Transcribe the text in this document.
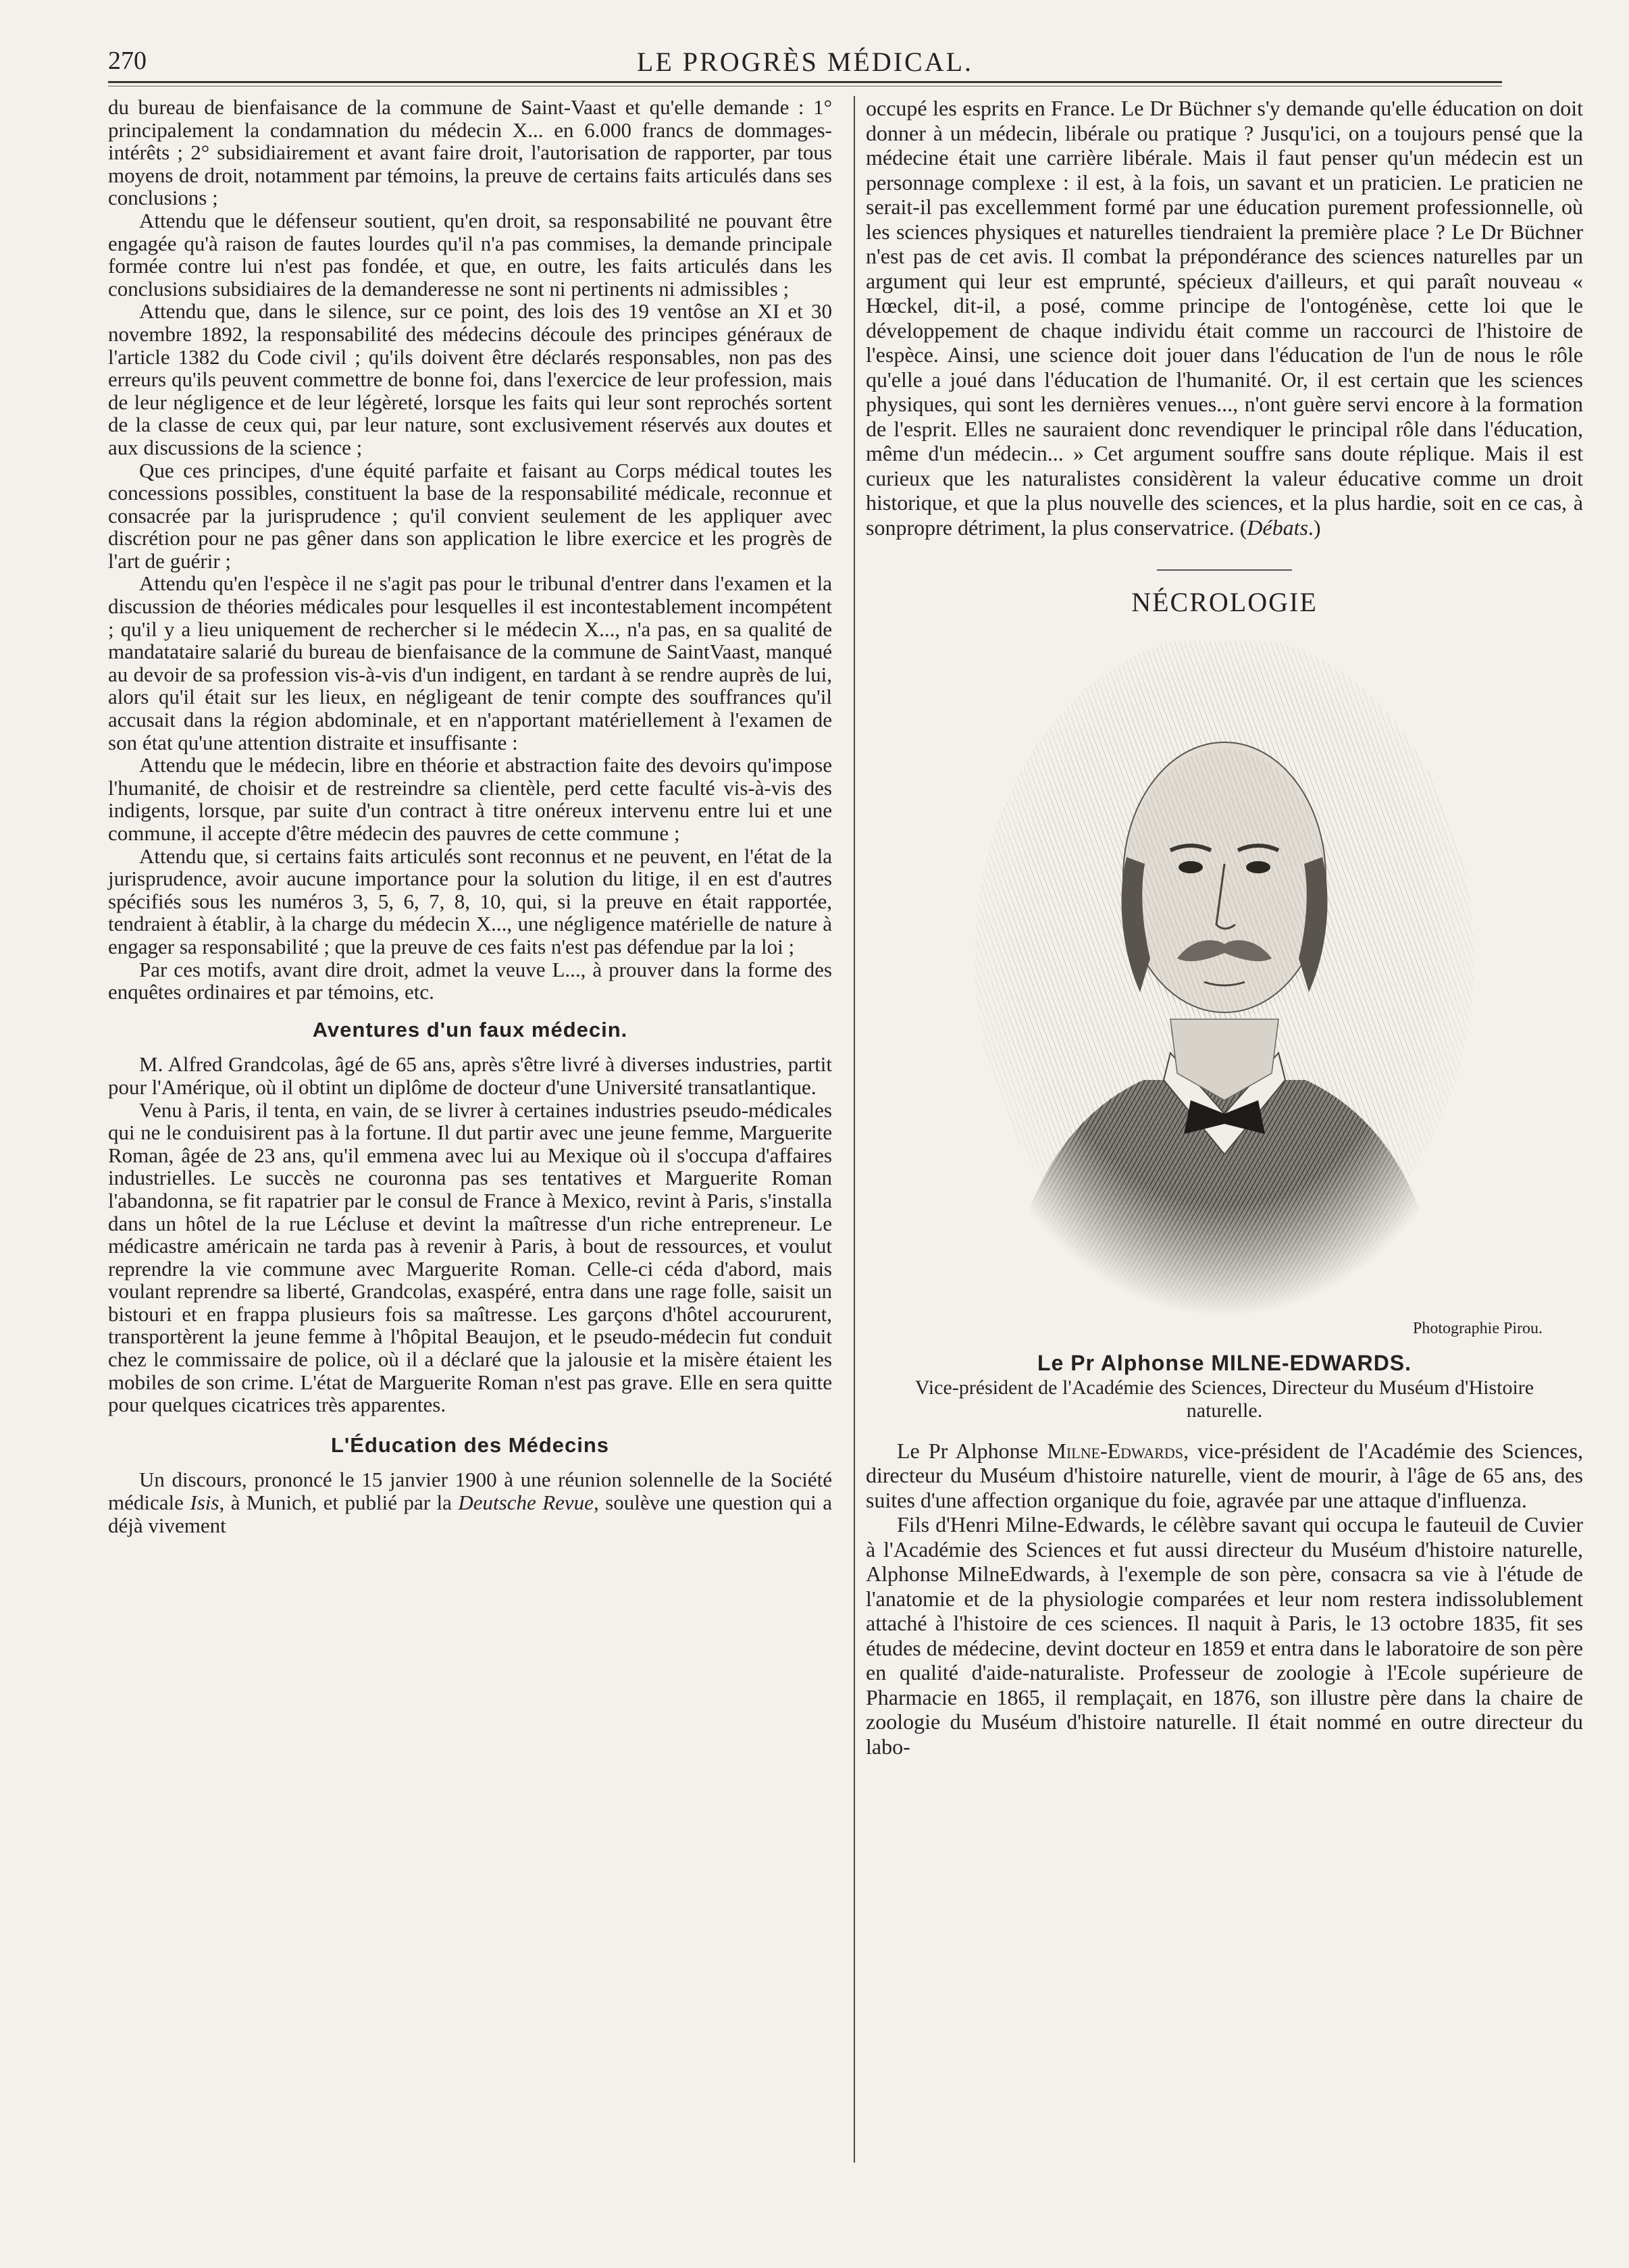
270	LE PROGRÈS MÉDICAL.

du bureau de bienfaisance de la commune de Saint-Vaast et qu'elle demande : 1° principalement la condamnation du médecin X... en 6.000 francs de dommages-intérêts ; 2° subsidiairement et avant faire droit, l'autorisation de rapporter, par tous moyens de droit, notamment par témoins, la preuve de certains faits articulés dans ses conclusions ;

Attendu que le défenseur soutient, qu'en droit, sa responsabilité ne pouvant être engagée qu'à raison de fautes lourdes qu'il n'a pas commises, la demande principale formée contre lui n'est pas fondée, et que, en outre, les faits articulés dans les conclusions subsidiaires de la demanderesse ne sont ni pertinents ni admissibles ;

Attendu que, dans le silence, sur ce point, des lois des 19 ventôse an XI et 30 novembre 1892, la responsabilité des médecins découle des principes généraux de l'article 1382 du Code civil ; qu'ils doivent être déclarés responsables, non pas des erreurs qu'ils peuvent commettre de bonne foi, dans l'exercice de leur profession, mais de leur négligence et de leur légèreté, lorsque les faits qui leur sont reprochés sortent de la classe de ceux qui, par leur nature, sont exclusivement réservés aux doutes et aux discussions de la science ;

Que ces principes, d'une équité parfaite et faisant au Corps médical toutes les concessions possibles, constituent la base de la responsabilité médicale, reconnue et consacrée par la jurisprudence ; qu'il convient seulement de les appliquer avec discrétion pour ne pas gêner dans son application le libre exercice et les progrès de l'art de guérir ;

Attendu qu'en l'espèce il ne s'agit pas pour le tribunal d'entrer dans l'examen et la discussion de théories médicales pour lesquelles il est incontestablement incompétent ; qu'il y a lieu uniquement de rechercher si le médecin X..., n'a pas, en sa qualité de mandatataire salarié du bureau de bienfaisance de la commune de SaintVaast, manqué au devoir de sa profession vis-à-vis d'un indigent, en tardant à se rendre auprès de lui, alors qu'il était sur les lieux, en négligeant de tenir compte des souffrances qu'il accusait dans la région abdominale, et en n'apportant matériellement à l'examen de son état qu'une attention distraite et insuffisante :

Attendu que le médecin, libre en théorie et abstraction faite des devoirs qu'impose l'humanité, de choisir et de restreindre sa clientèle, perd cette faculté vis-à-vis des indigents, lorsque, par suite d'un contract à titre onéreux intervenu entre lui et une commune, il accepte d'être médecin des pauvres de cette commune ;

Attendu que, si certains faits articulés sont reconnus et ne peuvent, en l'état de la jurisprudence, avoir aucune importance pour la solution du litige, il en est d'autres spécifiés sous les numéros 3, 5, 6, 7, 8, 10, qui, si la preuve en était rapportée, tendraient à établir, à la charge du médecin X..., une négligence matérielle de nature à engager sa responsabilité ; que la preuve de ces faits n'est pas défendue par la loi ;

Par ces motifs, avant dire droit, admet la veuve L..., à prouver dans la forme des enquêtes ordinaires et par témoins, etc.

Aventures d'un faux médecin.

M. Alfred Grandcolas, âgé de 65 ans, après s'être livré à diverses industries, partit pour l'Amérique, où il obtint un diplôme de docteur d'une Université transatlantique.

Venu à Paris, il tenta, en vain, de se livrer à certaines industries pseudo-médicales qui ne le conduisirent pas à la fortune. Il dut partir avec une jeune femme, Marguerite Roman, âgée de 23 ans, qu'il emmena avec lui au Mexique où il s'occupa d'affaires industrielles. Le succès ne couronna pas ses tentatives et Marguerite Roman l'abandonna, se fit rapatrier par le consul de France à Mexico, revint à Paris, s'installa dans un hôtel de la rue Lécluse et devint la maîtresse d'un riche entrepreneur. Le médicastre américain ne tarda pas à revenir à Paris, à bout de ressources, et voulut reprendre la vie commune avec Marguerite Roman. Celle-ci céda d'abord, mais voulant reprendre sa liberté, Grandcolas, exaspéré, entra dans une rage folle, saisit un bistouri et en frappa plusieurs fois sa maîtresse. Les garçons d'hôtel accoururent, transportèrent la jeune femme à l'hôpital Beaujon, et le pseudo-médecin fut conduit chez le commissaire de police, où il a déclaré que la jalousie et la misère étaient les mobiles de son crime. L'état de Marguerite Roman n'est pas grave. Elle en sera quitte pour quelques cicatrices très apparentes.

L'Éducation des Médecins

Un discours, prononcé le 15 janvier 1900 à une réunion solennelle de la Société médicale Isis, à Munich, et publié par la Deutsche Revue, soulève une question qui a déjà vivement

occupé les esprits en France. Le Dr Büchner s'y demande qu'elle éducation on doit donner à un médecin, libérale ou pratique ? Jusqu'ici, on a toujours pensé que la médecine était une carrière libérale. Mais il faut penser qu'un médecin est un personnage complexe : il est, à la fois, un savant et un praticien. Le praticien ne serait-il pas excellemment formé par une éducation purement professionnelle, où les sciences physiques et naturelles tiendraient la première place ? Le Dr Büchner n'est pas de cet avis. Il combat la prépondérance des sciences naturelles par un argument qui leur est emprunté, spécieux d'ailleurs, et qui paraît nouveau « Hœckel, dit-il, a posé, comme principe de l'ontogénèse, cette loi que le développement de chaque individu était comme un raccourci de l'histoire de l'espèce. Ainsi, une science doit jouer dans l'éducation de l'un de nous le rôle qu'elle a joué dans l'éducation de l'humanité. Or, il est certain que les sciences physiques, qui sont les dernières venues..., n'ont guère servi encore à la formation de l'esprit. Elles ne sauraient donc revendiquer le principal rôle dans l'éducation, même d'un médecin... » Cet argument souffre sans doute réplique. Mais il est curieux que les naturalistes considèrent la valeur éducative comme un droit historique, et que la plus nouvelle des sciences, et la plus hardie, soit en ce cas, à sonpropre détriment, la plus conservatrice. (Débats.)
NÉCROLOGIE
Photographie Pirou.
Le Pr Alphonse MILNE-EDWARDS.
Vice-président de l'Académie des Sciences, Directeur du Muséum d'Histoire naturelle.

Le Pr Alphonse Milne-Edwards, vice-président de l'Académie des Sciences, directeur du Muséum d'histoire naturelle, vient de mourir, à l'âge de 65 ans, des suites d'une affection organique du foie, agravée par une attaque d'influenza.

Fils d'Henri Milne-Edwards, le célèbre savant qui occupa le fauteuil de Cuvier à l'Académie des Sciences et fut aussi directeur du Muséum d'histoire naturelle, Alphonse MilneEdwards, à l'exemple de son père, consacra sa vie à l'étude de l'anatomie et de la physiologie comparées et leur nom restera indissolublement attaché à l'histoire de ces sciences. Il naquit à Paris, le 13 octobre 1835, fit ses études de médecine, devint docteur en 1859 et entra dans le laboratoire de son père en qualité d'aide-naturaliste. Professeur de zoologie à l'Ecole supérieure de Pharmacie en 1865, il remplaçait, en 1876, son illustre père dans la chaire de zoologie du Muséum d'histoire naturelle. Il était nommé en outre directeur du labo-
